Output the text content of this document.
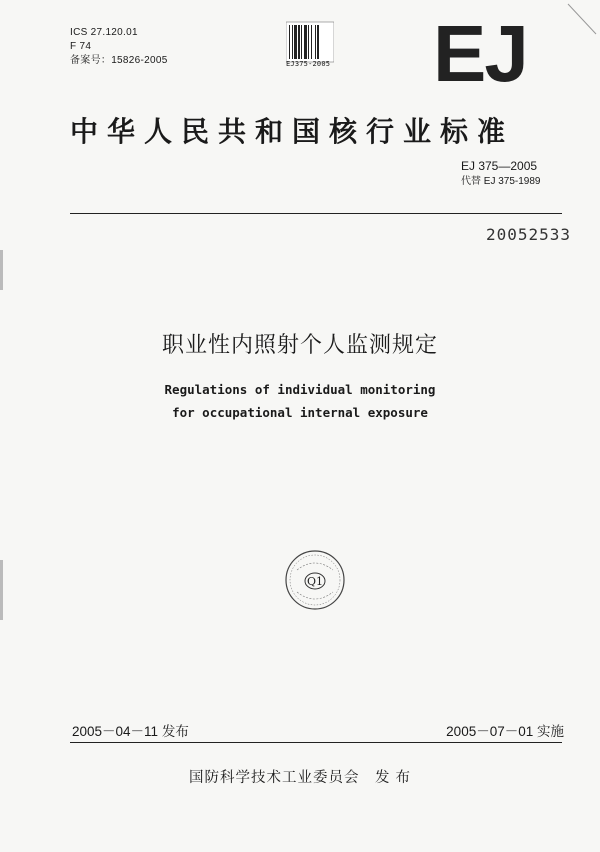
ICS 27.120.01
F 74
备案号：15826-2005	EJ375-2005 EJ
中华人民共和国核行业标准
EJ 375—2005
代替 EJ 375-1989
20052533
职业性内照射个人监测规定
Regulations of individual monitoring
for occupational internal exposure
Q1
2005－04－11 发布	2005－07－01 实施
国防科学技术工业委员会　发 布
